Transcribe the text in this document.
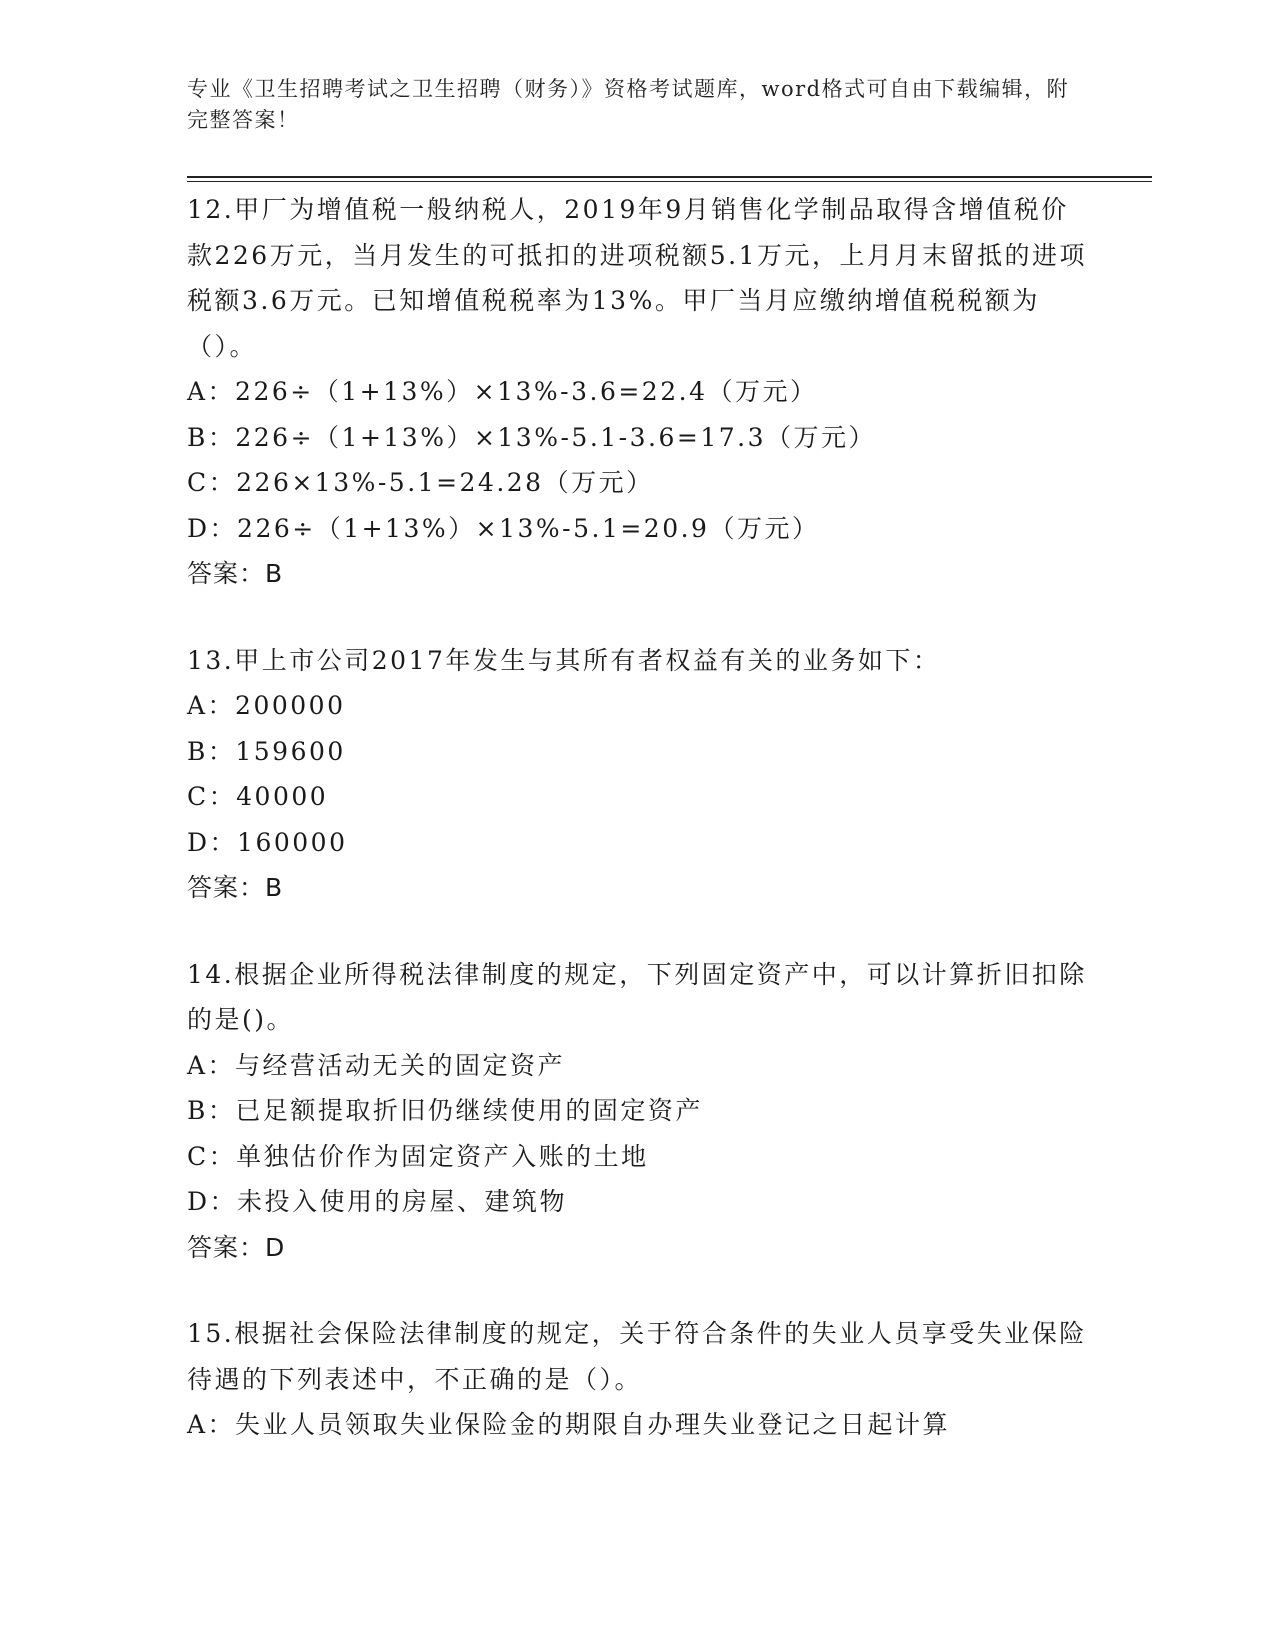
专业《卫生招聘考试之卫生招聘（财务）》资格考试题库，word格式可自由下载编辑，附完整答案！

12.甲厂为增值税一般纳税人，2019年9月销售化学制品取得含增值税价款226万元，当月发生的可抵扣的进项税额5.1万元，上月月末留抵的进项税额3.6万元。已知增值税税率为13%。甲厂当月应缴纳增值税税额为（）。

A：226÷（1+13%）×13%-3.6=22.4（万元）

B：226÷（1+13%）×13%-5.1-3.6=17.3（万元）

C：226×13%-5.1=24.28（万元）

D：226÷（1+13%）×13%-5.1=20.9（万元）

答案：B

13.甲上市公司2017年发生与其所有者权益有关的业务如下：

A：200000

B：159600

C：40000

D：160000

答案：B

14.根据企业所得税法律制度的规定，下列固定资产中，可以计算折旧扣除的是()。

A：与经营活动无关的固定资产

B：已足额提取折旧仍继续使用的固定资产

C：单独估价作为固定资产入账的土地

D：未投入使用的房屋、建筑物

答案：D

15.根据社会保险法律制度的规定，关于符合条件的失业人员享受失业保险待遇的下列表述中，不正确的是（）。

A：失业人员领取失业保险金的期限自办理失业登记之日起计算
